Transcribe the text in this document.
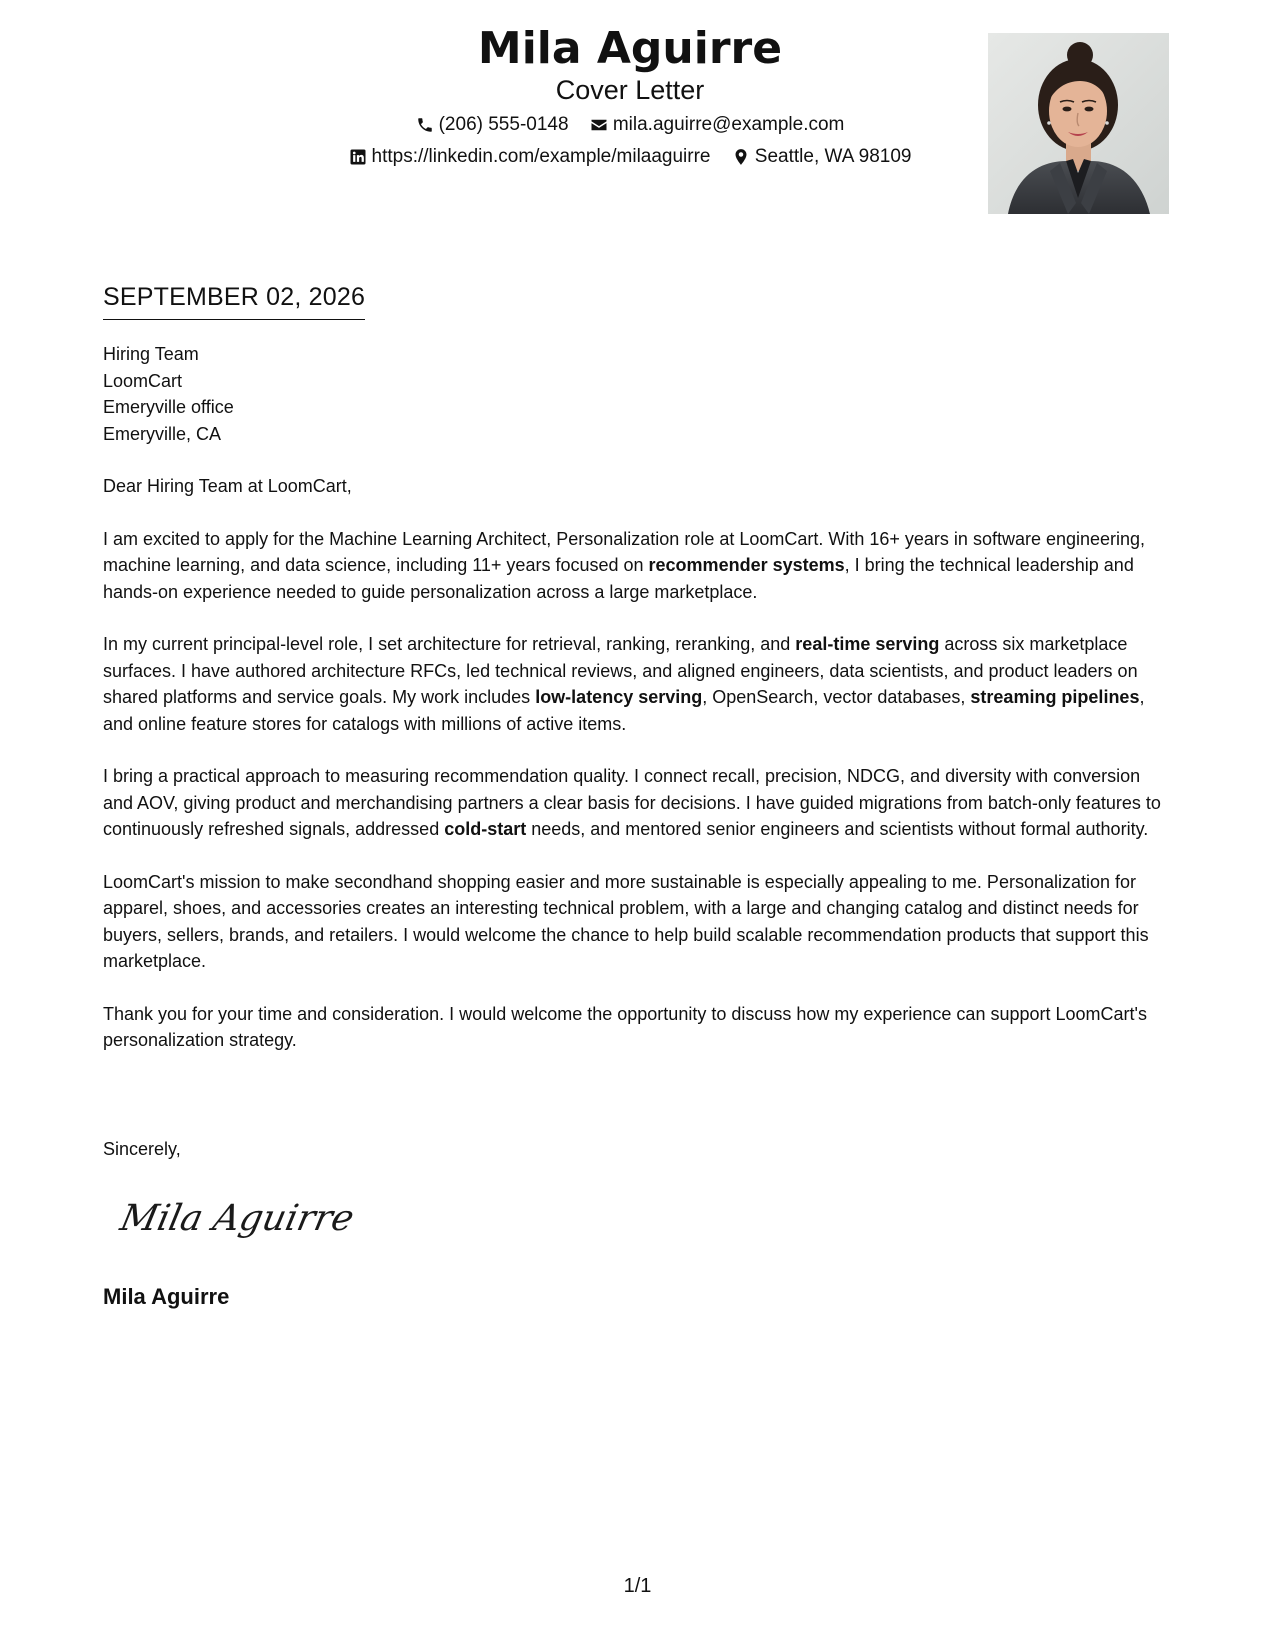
Mila Aguirre
Cover Letter
(206) 555-0148
mila.aguirre@example.com
https://linkedin.com/example/milaaguirre
Seattle, WA 98109
SEPTEMBER 02, 2026
Hiring Team
LoomCart
Emeryville office
Emeryville, CA
Dear Hiring Team at LoomCart,

I am excited to apply for the Machine Learning Architect, Personalization role at LoomCart. With 16+ years in software engineering, machine learning, and data science, including 11+ years focused on recommender systems, I bring the technical leadership and hands-on experience needed to guide personalization across a large marketplace.

In my current principal-level role, I set architecture for retrieval, ranking, reranking, and real-time serving across six marketplace surfaces. I have authored architecture RFCs, led technical reviews, and aligned engineers, data scientists, and product leaders on shared platforms and service goals. My work includes low-latency serving, OpenSearch, vector databases, streaming pipelines, and online feature stores for catalogs with millions of active items.

I bring a practical approach to measuring recommendation quality. I connect recall, precision, NDCG, and diversity with conversion and AOV, giving product and merchandising partners a clear basis for decisions. I have guided migrations from batch-only features to continuously refreshed signals, addressed cold-start needs, and mentored senior engineers and scientists without formal authority.

LoomCart's mission to make secondhand shopping easier and more sustainable is especially appealing to me. Personalization for apparel, shoes, and accessories creates an interesting technical problem, with a large and changing catalog and distinct needs for buyers, sellers, brands, and retailers. I would welcome the chance to help build scalable recommendation products that support this marketplace.

Thank you for your time and consideration. I would welcome the opportunity to discuss how my experience can support LoomCart's personalization strategy.

Sincerely,
Mila Aguirre
Mila Aguirre
1/1
